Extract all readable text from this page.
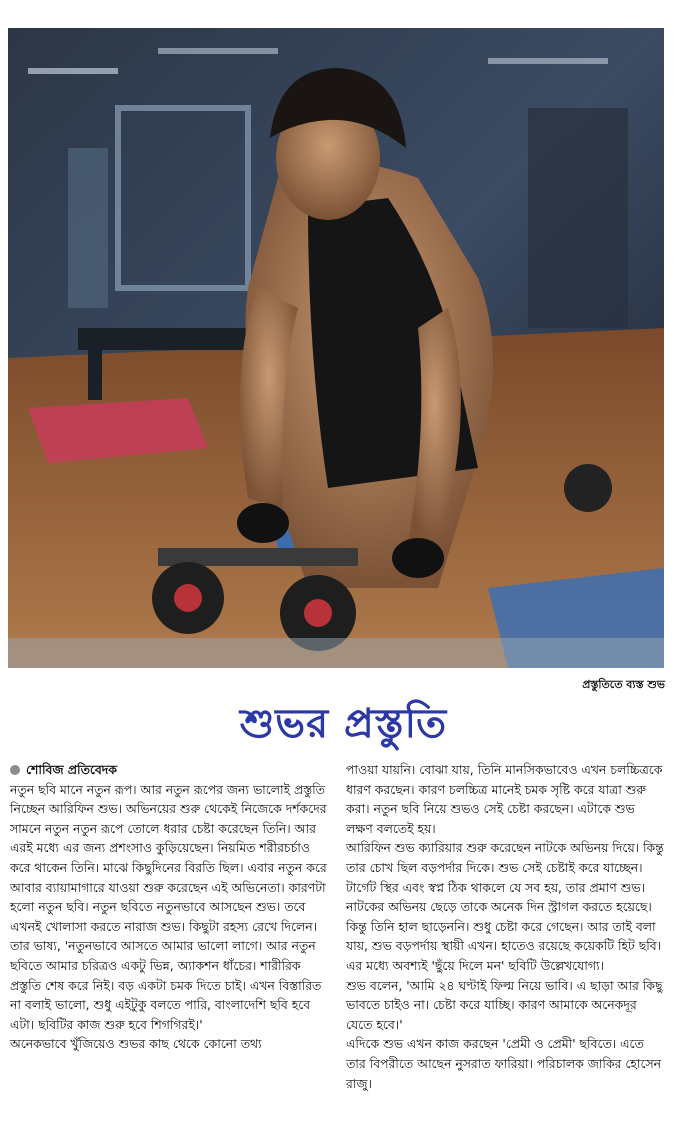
প্রস্তুতিতে ব্যস্ত শুভ
শুভর প্রস্তুতি

শোবিজ প্রতিবেদক

নতুন ছবি মানে নতুন রূপ। আর নতুন রূপের জন্য ভালোই প্রস্তুতি নিচ্ছেন আরিফিন শুভ। অভিনয়ের শুরু থেকেই নিজেকে দর্শকদের সামনে নতুন নতুন রূপে তোলে ধরার চেষ্টা করেছেন তিনি। আর এরই মধ্যে এর জন্য প্রশংসাও কুড়িয়েছেন। নিয়মিত শরীরচর্চাও করে থাকেন তিনি। মাঝে কিছুদিনের বিরতি ছিল। এবার নতুন করে আবার ব্যায়ামাগারে যাওয়া শুরু করেছেন এই অভিনেতা। কারণটা হলো নতুন ছবি। নতুন ছবিতে নতুনভাবে আসছেন শুভ। তবে এখনই খোলাসা করতে নারাজ শুভ। কিছুটা রহস্য রেখে দিলেন।

তার ভাষ্য, 'নতুনভাবে আসতে আমার ভালো লাগে। আর নতুন ছবিতে আমার চরিত্রও একটু ভিন্ন, অ্যাকশন ধাঁচের। শারীরিক প্রস্তুতি শেষ করে নিই। বড় একটা চমক দিতে চাই। এখন বিস্তারিত না বলাই ভালো, শুধু এইটুকু বলতে পারি, বাংলাদেশি ছবি হবে এটা। ছবিটির কাজ শুরু হবে শিগগিরই।'

অনেকভাবে খুঁজিয়েও শুভর কাছ থেকে কোনো তথ্য

পাওয়া যায়নি। বোঝা যায়, তিনি মানসিকভাবেও এখন চলচ্চিত্রকে ধারণ করছেন। কারণ চলচ্চিত্র মানেই চমক সৃষ্টি করে যাত্রা শুরু করা। নতুন ছবি নিয়ে শুভও সেই চেষ্টা করছেন। এটাকে শুভ লক্ষণ বলতেই হয়।

আরিফিন শুভ ক্যারিয়ার শুরু করেছেন নাটকে অভিনয় দিয়ে। কিন্তু তার চোখ ছিল বড়পর্দার দিকে। শুভ সেই চেষ্টাই করে যাচ্ছেন। টার্গেট স্থির এবং স্বপ্ন ঠিক থাকলে যে সব হয়, তার প্রমাণ শুভ। নাটকের অভিনয় ছেড়ে তাকে অনেক দিন স্ট্রাগল করতে হয়েছে। কিন্তু তিনি হাল ছাড়েননি। শুধু চেষ্টা করে গেছেন। আর তাই বলা যায়, শুভ বড়পর্দায় স্থায়ী এখন। হাতেও রয়েছে কয়েকটি হিট ছবি। এর মধ্যে অবশ্যই 'ছুঁয়ে দিলে মন' ছবিটি উল্লেখযোগ্য।

শুভ বলেন, 'আমি ২৪ ঘণ্টাই ফিল্ম নিয়ে ভাবি। এ ছাড়া আর কিছু ভাবতে চাইও না। চেষ্টা করে যাচ্ছি। কারণ আমাকে অনেকদূর যেতে হবে।'

এদিকে শুভ এখন কাজ করছেন 'প্রেমী ও প্রেমী' ছবিতে। এতে তার বিপরীতে আছেন নুসরাত ফারিয়া। পরিচালক জাকির হোসেন রাজু।
